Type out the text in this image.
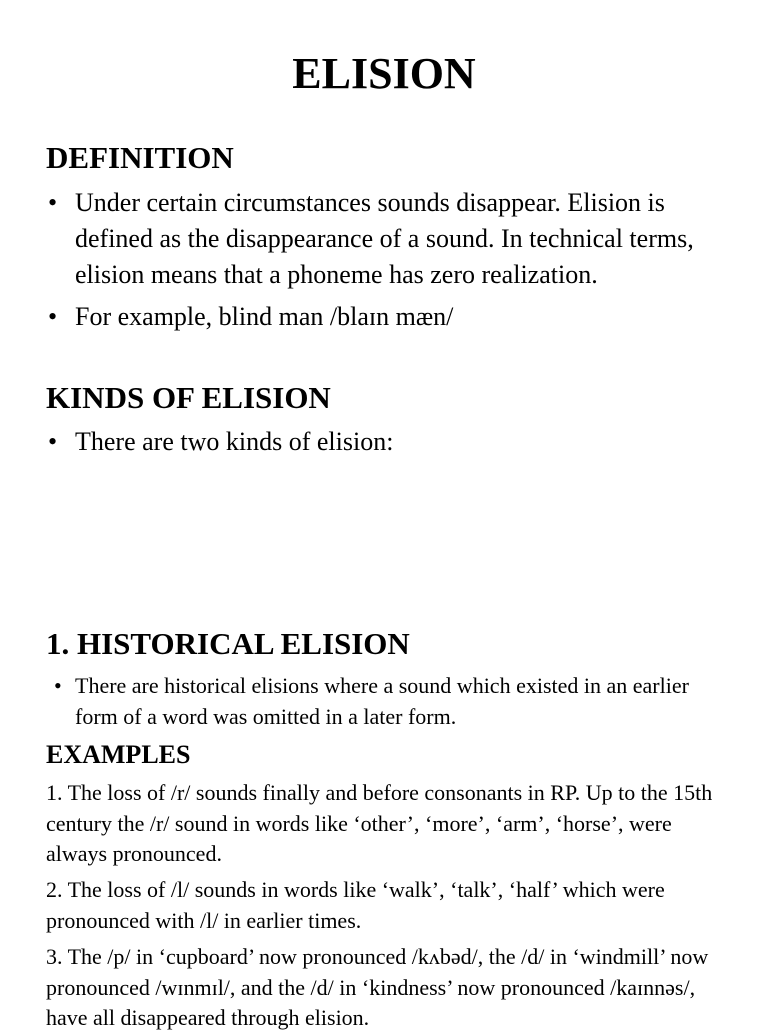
ELISION
DEFINITION
• Under certain circumstances sounds disappear. Elision is defined as the disappearance of a sound. In technical terms, elision means that a phoneme has zero realization.
• For example, blind man /blaɪn mæn/
KINDS OF ELISION
• There are two kinds of elision:
1. HISTORICAL ELISION
• There are historical elisions where a sound which existed in an earlier form of a word was omitted in a later form.
EXAMPLES

1. The loss of /r/ sounds finally and before consonants in RP. Up to the 15th century the /r/ sound in words like ‘other’, ‘more’, ‘arm’, ‘horse’, were always pronounced.

2. The loss of /l/ sounds in words like ‘walk’, ‘talk’, ‘half’ which were pronounced with /l/ in earlier times.

3. The /p/ in ‘cupboard’ now pronounced /kʌbəd/, the /d/ in ‘windmill’ now pronounced /wɪnmɪl/, and the /d/ in ‘kindness’ now pronounced /kaɪnnəs/, have all disappeared through elision.
